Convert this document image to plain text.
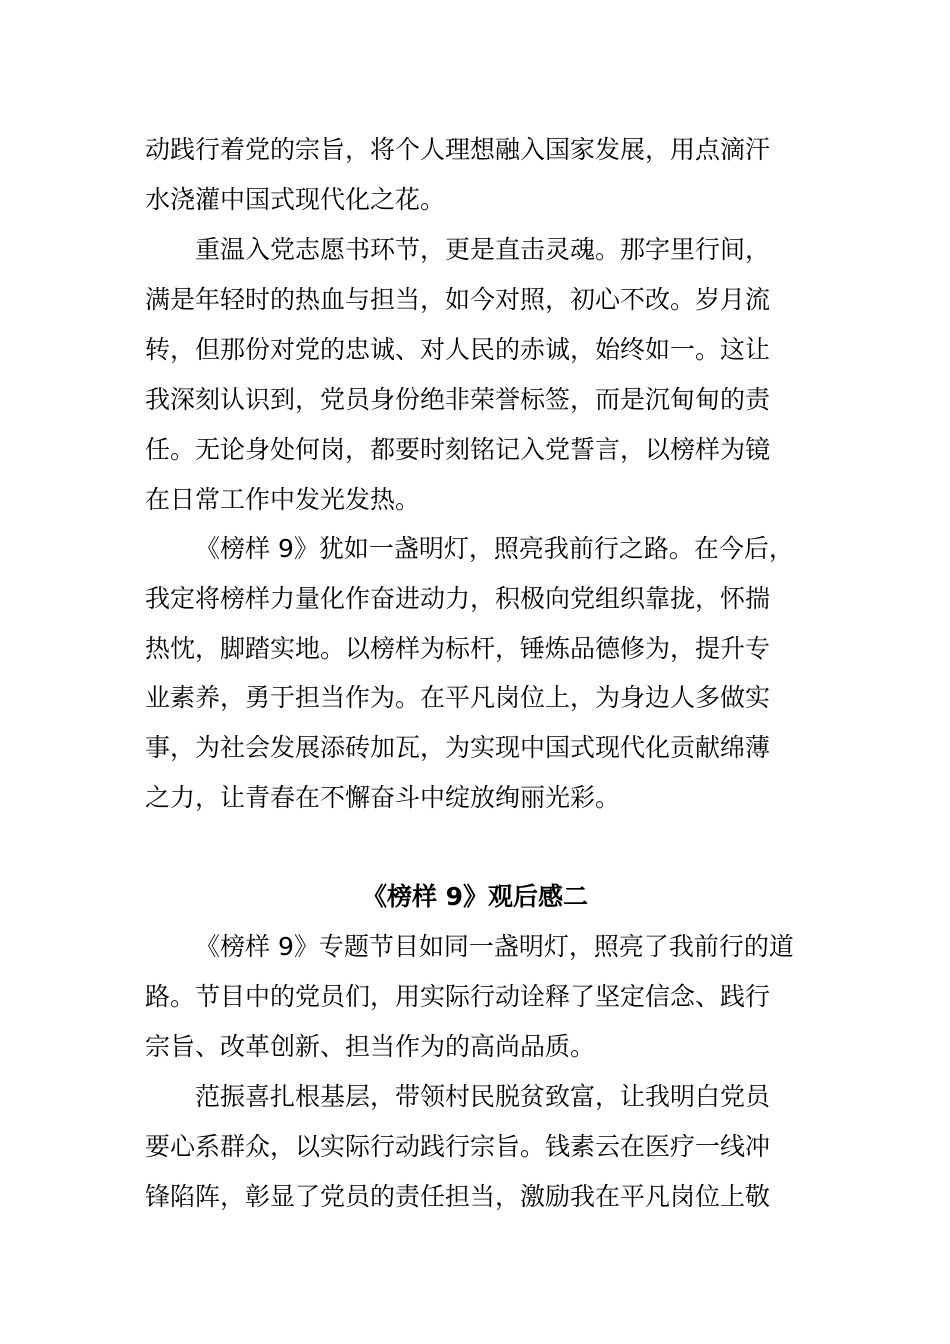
动践行着党的宗旨，将个人理想融入国家发展，用点滴汗
水浇灌中国式现代化之花。
重温入党志愿书环节，更是直击灵魂。那字里行间，
满是年轻时的热血与担当，如今对照，初心不改。岁月流
转，但那份对党的忠诚、对人民的赤诚，始终如一。这让
我深刻认识到，党员身份绝非荣誉标签，而是沉甸甸的责
任。无论身处何岗，都要时刻铭记入党誓言，以榜样为镜
在日常工作中发光发热。
《榜样 9》犹如一盏明灯，照亮我前行之路。在今后，
我定将榜样力量化作奋进动力，积极向党组织靠拢，怀揣
热忱，脚踏实地。以榜样为标杆，锤炼品德修为，提升专
业素养，勇于担当作为。在平凡岗位上，为身边人多做实
事，为社会发展添砖加瓦，为实现中国式现代化贡献绵薄
之力，让青春在不懈奋斗中绽放绚丽光彩。
《榜样 9》观后感二
《榜样 9》专题节目如同一盏明灯，照亮了我前行的道
路。节目中的党员们，用实际行动诠释了坚定信念、践行
宗旨、改革创新、担当作为的高尚品质。
范振喜扎根基层，带领村民脱贫致富，让我明白党员
要心系群众，以实际行动践行宗旨。钱素云在医疗一线冲
锋陷阵，彰显了党员的责任担当，激励我在平凡岗位上敬
